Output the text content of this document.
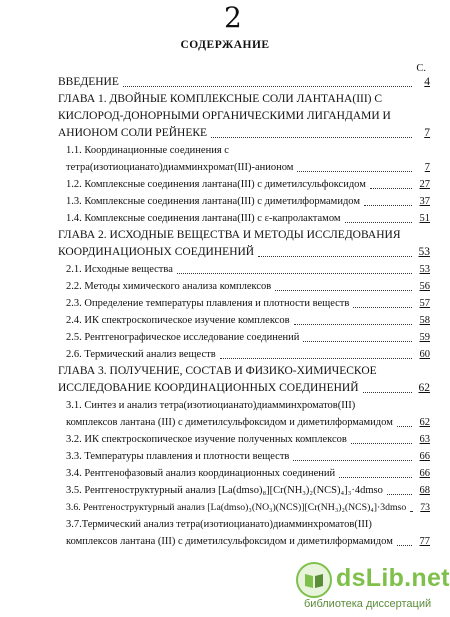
2
СОДЕРЖАНИЕ
С.
ВВЕДЕНИЕ	4
ГЛАВА 1. ДВОЙНЫЕ КОМПЛЕКСНЫЕ СОЛИ ЛАНТАНА(III) С
КИСЛОРОД-ДОНОРНЫМИ ОРГАНИЧЕСКИМИ ЛИГАНДАМИ И
АНИОНОМ СОЛИ РЕЙНЕКЕ	7
1.1. Координационные соединения с
тетра(изотиоцианато)диамминхромат(III)-анионом	7
1.2. Комплексные соединения лантана(III) с диметилсульфоксидом	27
1.3. Комплексные соединения лантана(III) с диметилформамидом	37
1.4. Комплексные соединения лантана(III) с ε-капролактамом	51
ГЛАВА 2. ИСХОДНЫЕ ВЕЩЕСТВА И МЕТОДЫ ИССЛЕДОВАНИЯ
КООРДИНАЦИОНЫХ СОЕДИНЕНИЙ	53
2.1. Исходные вещества	53
2.2. Методы химического анализа комплексов	56
2.3. Определение температуры плавления и плотности веществ	57
2.4. ИК спектроскопическое изучение комплексов	58
2.5. Рентгенографическое исследование соединений	59
2.6. Термический анализ веществ	60
ГЛАВА 3. ПОЛУЧЕНИЕ, СОСТАВ И ФИЗИКО-ХИМИЧЕСКОЕ
ИССЛЕДОВАНИЕ КООРДИНАЦИОННЫХ СОЕДИНЕНИЙ	62
3.1. Синтез и анализ тетра(изотиоцианато)диамминхроматов(III)
комплексов лантана (III) с диметилсульфоксидом и диметилформамидом	62
3.2. ИК спектроскопическое изучение полученных комплексов	63
3.3. Температуры плавления и плотности веществ	66
3.4. Рентгенофазовый анализ координационных соединений	66
3.5. Рентгеноструктурный анализ [La(dmso)₈][Cr(NH₃)₂(NCS)₄]₃·4dmso	68
3.6. Рентгеноструктурный анализ [La(dmso)₃(NO₃)(NCS)][Cr(NH₃)₂(NCS)₄]·3dmso	73
3.7.Термический анализ тетра(изотиоцианато)диамминхроматов(III)
комплексов лантана (III) с диметилсульфоксидом и диметилформамидом	77
dsLib.net
библиотека диссертаций
